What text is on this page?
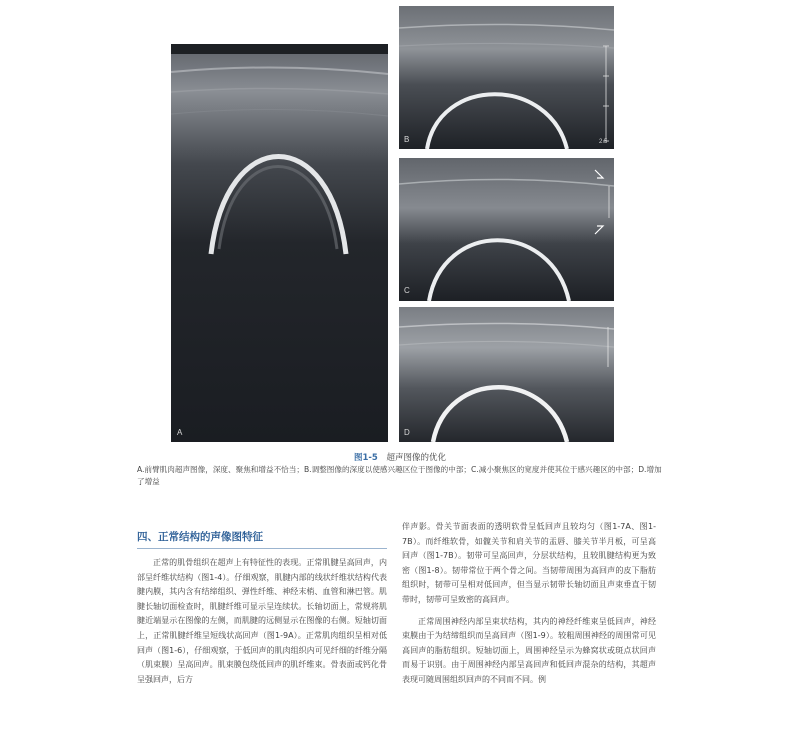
A
B	2.5
C
D
图1-5 超声图像的优化
A.前臂肌肉超声图像，深度、聚焦和增益不恰当；B.调整图像的深度以使感兴趣区位于图像的中部；C.减小聚焦区的宽度并使其位于感兴趣区的中部；D.增加了增益
四、正常结构的声像图特征

正常的肌骨组织在超声上有特征性的表现。正常肌腱呈高回声，内部呈纤维状结构（图1-4）。仔细观察，肌腱内部的线状纤维状结构代表腱内膜，其内含有结缔组织、弹性纤维、神经末梢、血管和淋巴管。肌腱长轴切面检查时，肌腱纤维可显示呈连续状。长轴切面上，常规将肌腱近端显示在图像的左侧，而肌腱的远侧显示在图像的右侧。短轴切面上，正常肌腱纤维呈短线状高回声（图1-9A）。正常肌肉组织呈相对低回声（图1-6），仔细观察，于低回声的肌肉组织内可见纤细的纤维分隔（肌束膜）呈高回声。肌束膜包绕低回声的肌纤维束。骨表面或钙化骨呈强回声，后方

伴声影。骨关节面表面的透明软骨呈低回声且较均匀（图1-7A、图1-7B）。而纤维软骨，如髋关节和肩关节的盂唇、膝关节半月板，可呈高回声（图1-7B）。韧带可呈高回声，分层状结构，且较肌腱结构更为致密（图1-8）。韧带常位于两个骨之间。当韧带周围为高回声的皮下脂肪组织时，韧带可呈相对低回声，但当显示韧带长轴切面且声束垂直于韧带时，韧带可呈致密的高回声。

正常周围神经内部呈束状结构，其内的神经纤维束呈低回声，神经束膜由于为结缔组织而呈高回声（图1-9）。较粗周围神经的周围常可见高回声的脂肪组织。短轴切面上，周围神经呈示为蜂窝状或斑点状回声而易于识别。由于周围神经内部呈高回声和低回声混杂的结构，其超声表现可随周围组织回声的不同而不同。例
